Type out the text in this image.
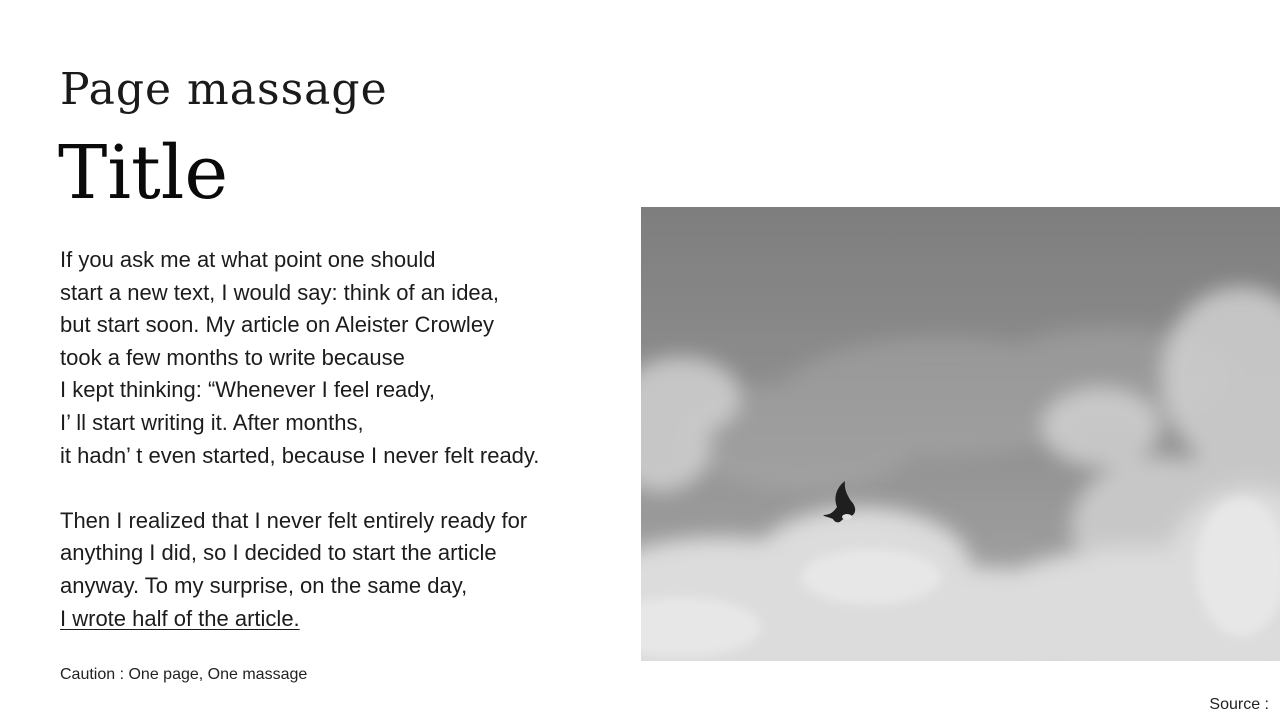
Page massage
Title

If you ask me at what point one should
start a new text, I would say: think of an idea,
but start soon. My article on Aleister Crowley
took a few months to write because
I kept thinking: “Whenever I feel ready,
I’ ll start writing it. After months,
it hadn’ t even started, because I never felt ready.

Then I realized that I never felt entirely ready for
anything I did, so I decided to start the article
anyway. To my surprise, on the same day,
I wrote half of the article.

Caution : One page, One massage
Source :
